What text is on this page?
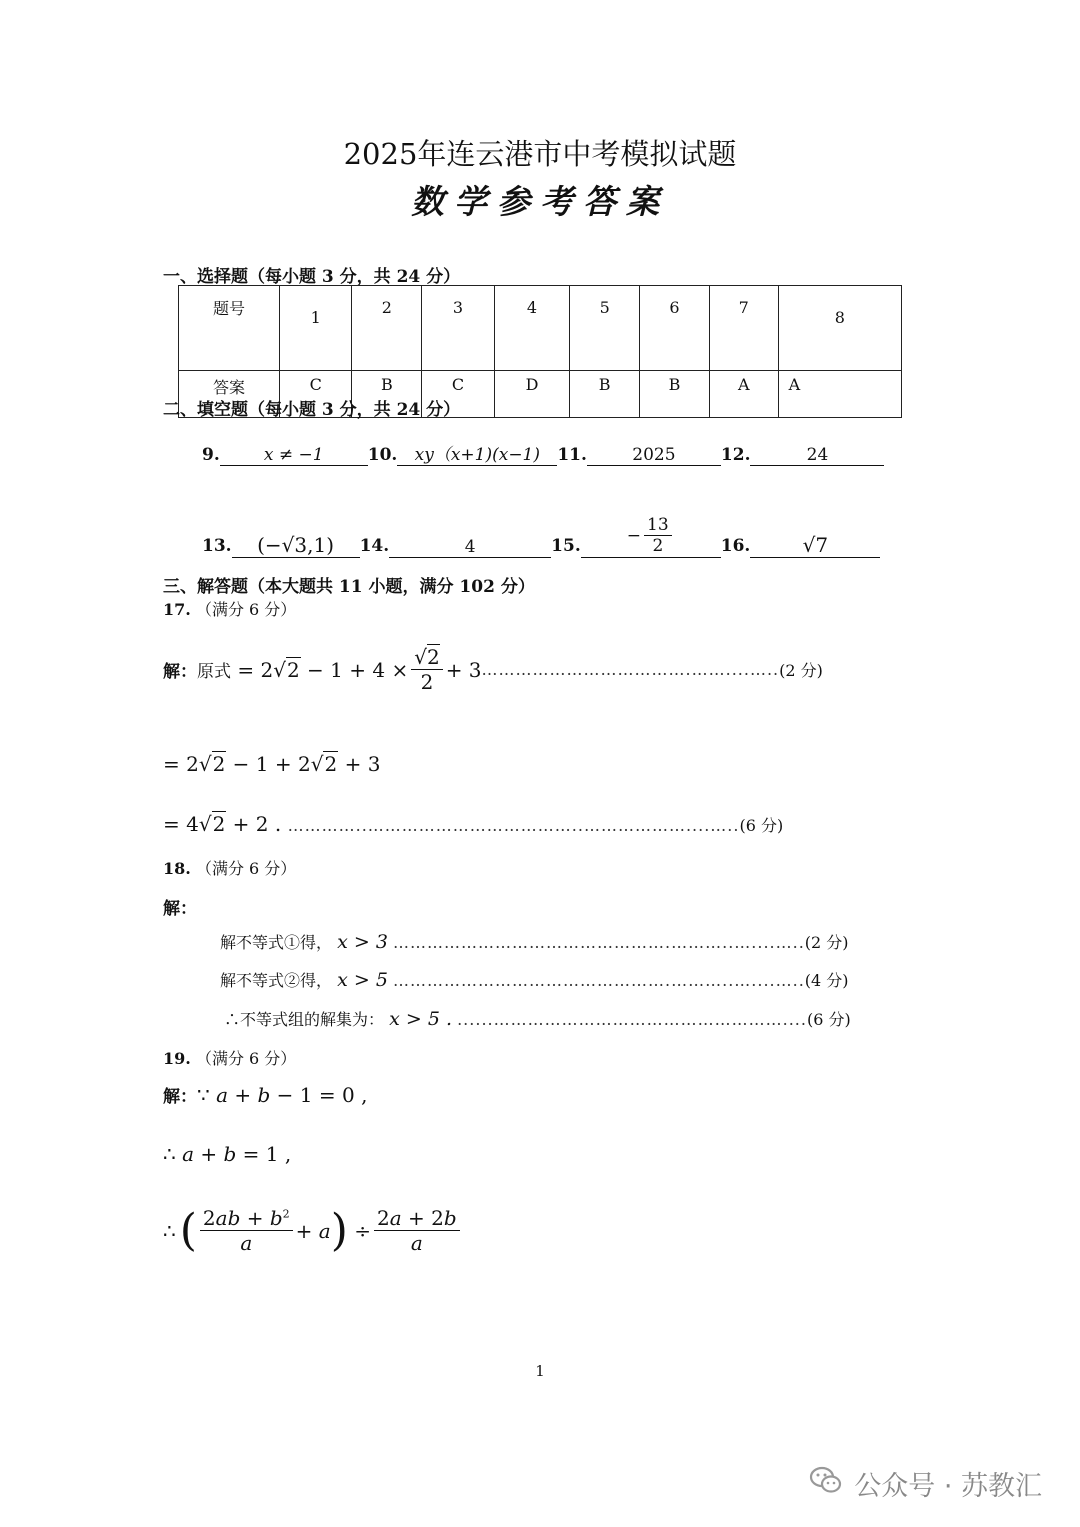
2025年连云港市中考模拟试题
数学参考答案
一、选择题（每小题 3 分，共 24 分）
题号	1	2	3	4	5	6	7	8
答案	C	B	C	D	B	B	A	A
二、填空题（每小题 3 分，共 24 分）
9.	x ≠ −1	10. xy（x+1)(x−1) 11.	2025	12.	24
13.	(−√3,1)	14.	4	15.	− $\frac{13}{2}$	16.	√7
三、解答题（本大题共 11 小题，满分 102 分）
17. （满分 6 分）
解： 原式 = $2√2 - 1 + 4 \times \frac{√2}{2} + 3$ ……………………………….……....….. (2 分)
= 2√2 − 1 + 2√2 + 3
= 4√2 + 2 . …………..………………………………..………………....…..(6 分)
18. （满分 6 分）
解：
解不等式①得， x > 3 ………………………………………….………..…....…..(2 分)
解不等式②得， x > 5 ………………………………………….………..…....…..(4 分)
∴不等式组的解集为： x > 5 . ......……………………………………………....(6 分)
19. （满分 6 分）
解：∵ a + b − 1 = 0 ,
∴ a + b = 1 ,
∴ ( $\frac{2ab + b^2}{a} + a$ ) ÷ $\frac{2a + 2b}{a}$
1
公众号 · 苏教汇
